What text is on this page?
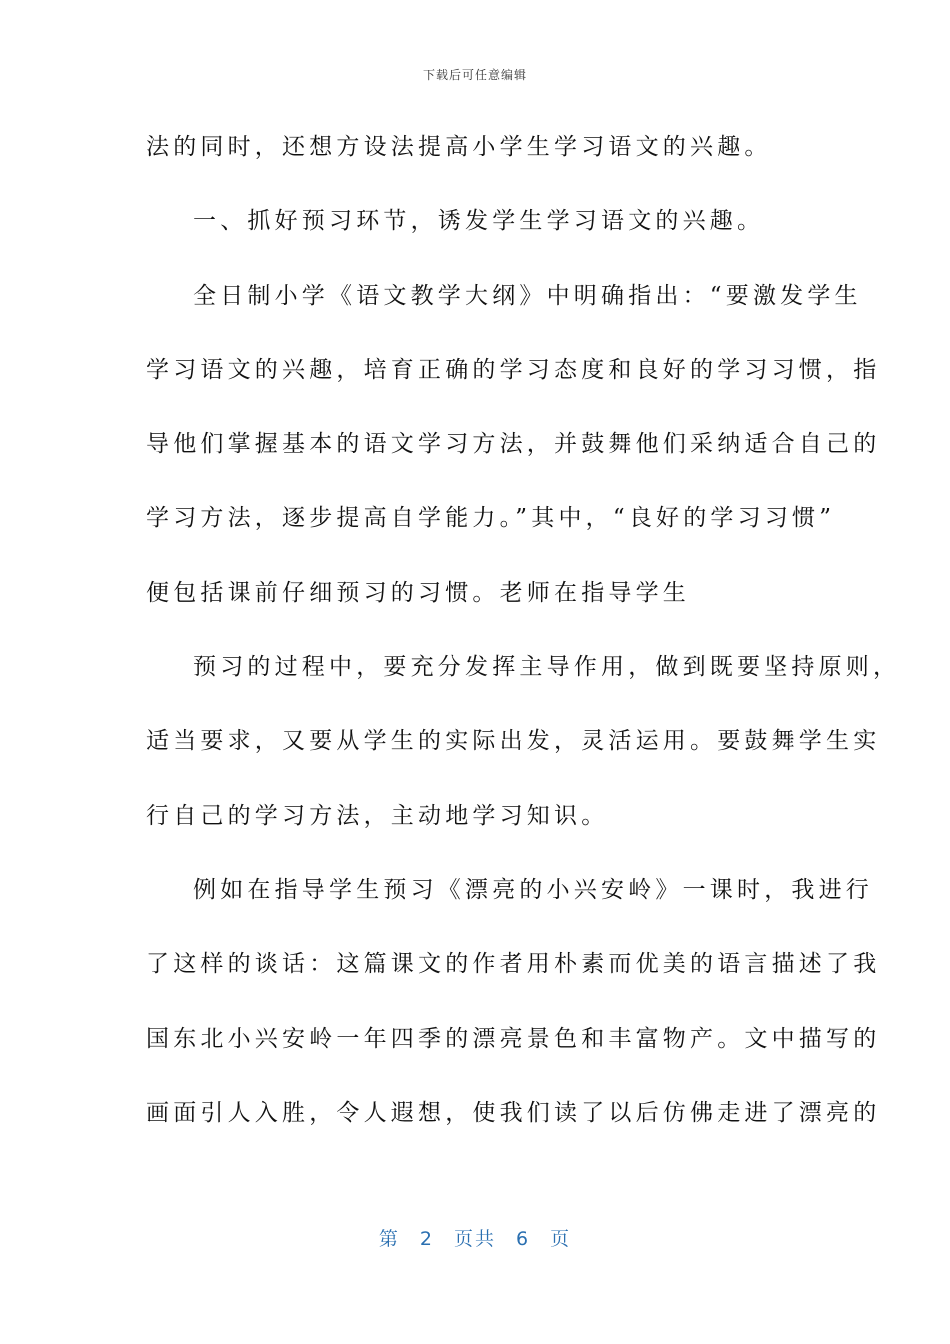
下载后可任意编辑
法的同时，还想方设法提高小学生学习语文的兴趣。
一、抓好预习环节，诱发学生学习语文的兴趣。
全日制小学《语文教学大纲》中明确指出：“要激发学生
学习语文的兴趣，培育正确的学习态度和良好的学习习惯，指
导他们掌握基本的语文学习方法，并鼓舞他们采纳适合自己的
学习方法，逐步提高自学能力。”其中，“良好的学习习惯”
便包括课前仔细预习的习惯。老师在指导学生
预习的过程中，要充分发挥主导作用，做到既要坚持原则，
适当要求，又要从学生的实际出发，灵活运用。要鼓舞学生实
行自己的学习方法，主动地学习知识。
例如在指导学生预习《漂亮的小兴安岭》一课时，我进行
了这样的谈话：这篇课文的作者用朴素而优美的语言描述了我
国东北小兴安岭一年四季的漂亮景色和丰富物产。文中描写的
画面引人入胜，令人遐想，使我们读了以后仿佛走进了漂亮的
第 2 页共 6 页
